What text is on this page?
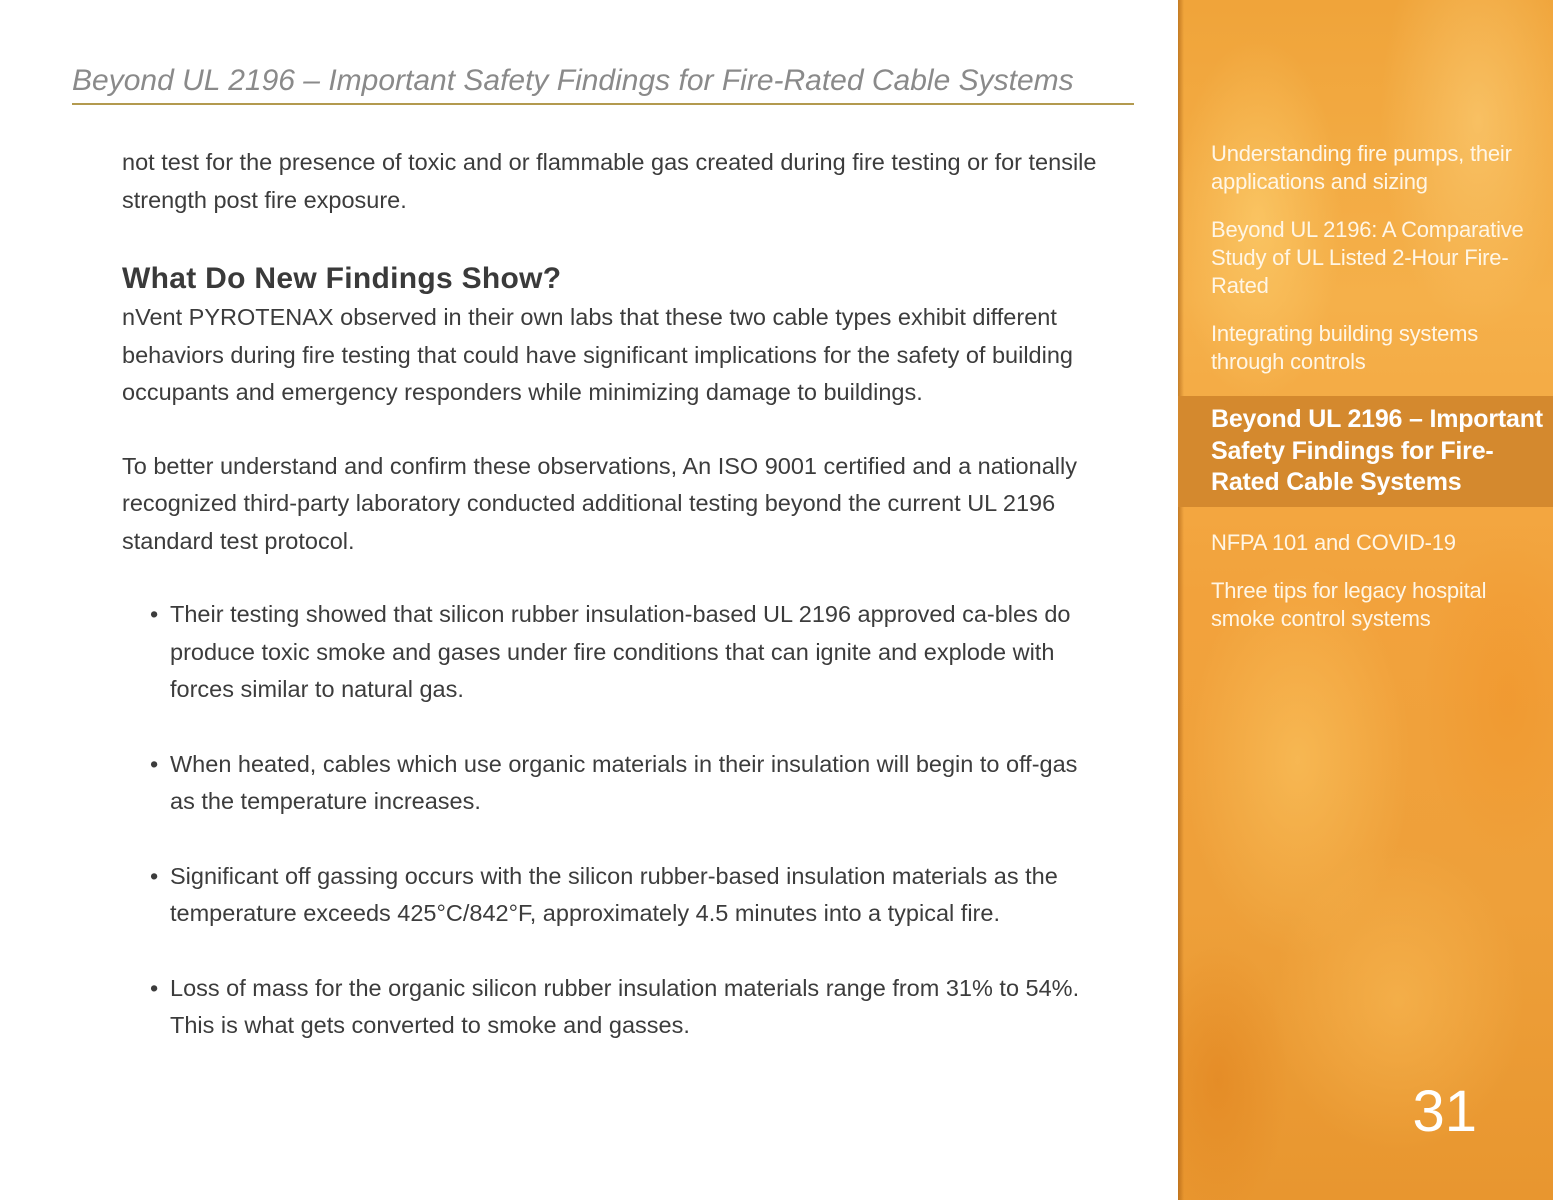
Beyond UL 2196 – Important Safety Findings for Fire-Rated Cable Systems

not test for the presence of toxic and or flammable gas created during fire testing or for tensile strength post fire exposure.

What Do New Findings Show?

nVent PYROTENAX observed in their own labs that these two cable types exhibit different behaviors during fire testing that could have significant implications for the safety of building occupants and emergency responders while minimizing damage to buildings.

To better understand and confirm these observations, An ISO 9001 certified and a nationally recognized third-party laboratory conducted additional testing beyond the current UL 2196 standard test protocol.

• Their testing showed that silicon rubber insulation-based UL 2196 approved ca-bles do produce toxic smoke and gases under fire conditions that can ignite and explode with forces similar to natural gas.
• When heated, cables which use organic materials in their insulation will begin to off-gas as the temperature increases.
• Significant off gassing occurs with the silicon rubber-based insulation materials as the temperature exceeds 425°C/842°F, approximately 4.5 minutes into a typical fire.
• Loss of mass for the organic silicon rubber insulation materials range from 31% to 54%. This is what gets converted to smoke and gasses.
Understanding fire pumps, their applications and sizing
Beyond UL 2196: A Comparative Study of UL Listed 2-Hour Fire-Rated
Integrating building systems through controls
Beyond UL 2196 – Important Safety Findings for Fire-Rated Cable Systems
NFPA 101 and COVID-19
Three tips for legacy hospital smoke control systems
31
